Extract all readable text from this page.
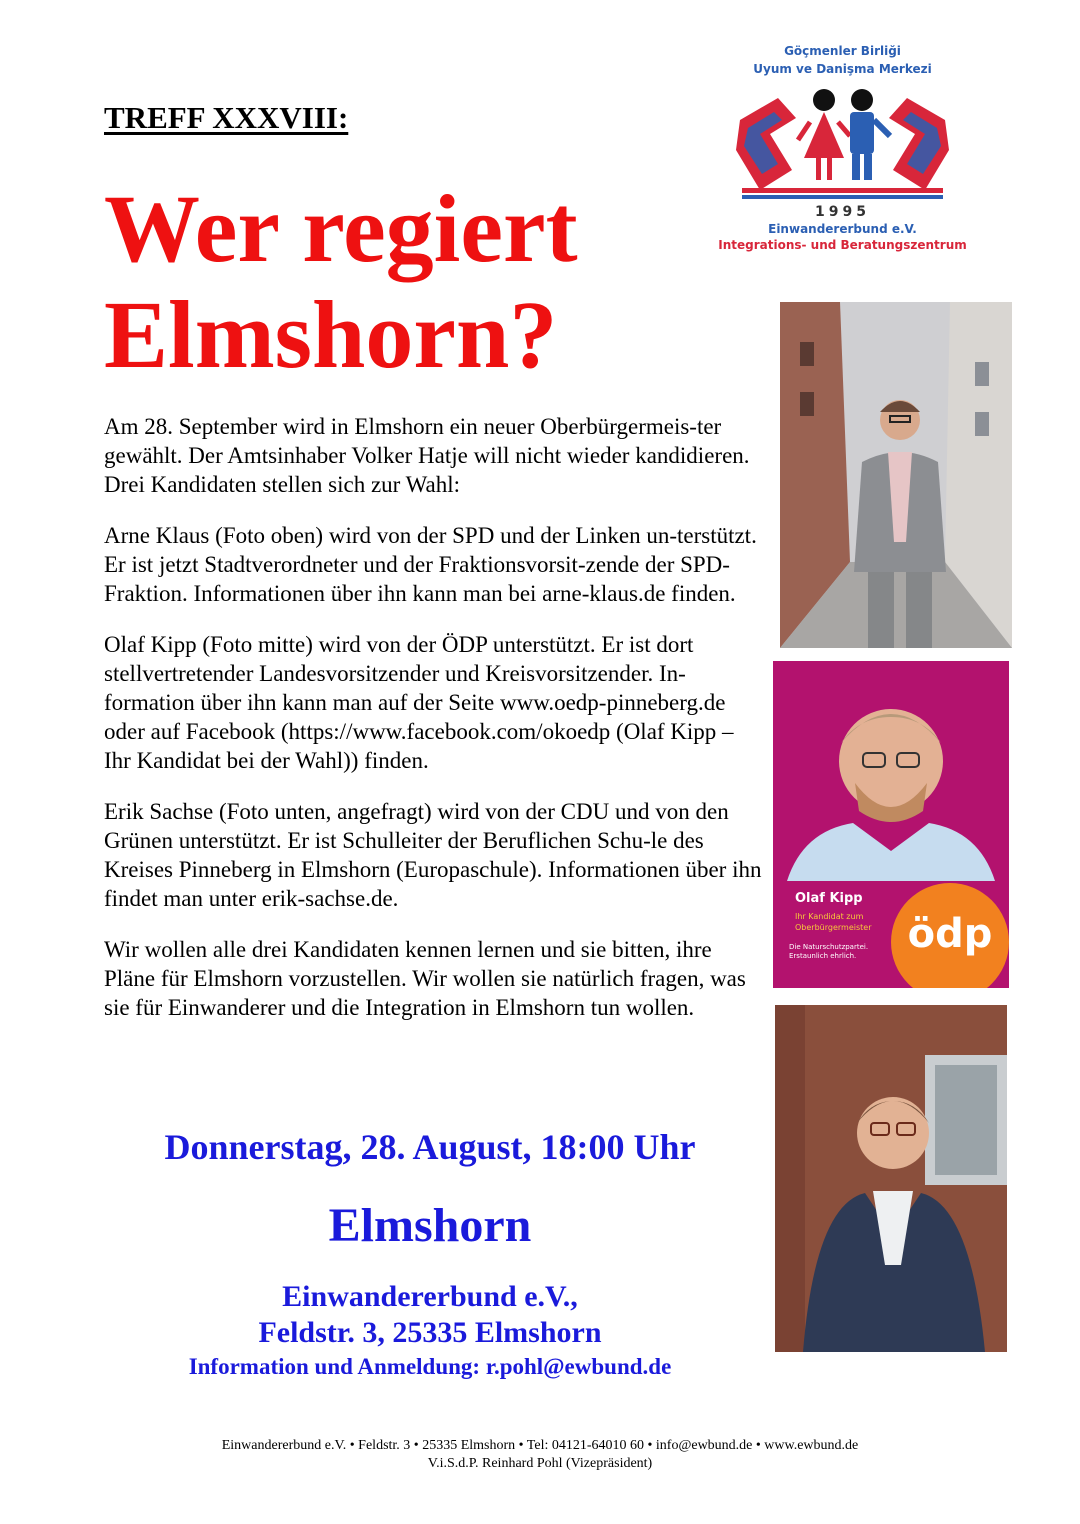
TREFF XXXVIII:

Wer regiert
Elmshorn?

Göçmenler Birliği

Uyum ve Danişma Merkezi

1995

Einwandererbund e.V.

Integrations- und Beratungszentrum

Am 28. September wird in Elmshorn ein neuer Oberbürgermeis-ter gewählt. Der Amtsinhaber Volker Hatje will nicht wieder kandidieren. Drei Kandidaten stellen sich zur Wahl:

Arne Klaus (Foto oben) wird von der SPD und der Linken un-terstützt. Er ist jetzt Stadtverordneter und der Fraktionsvorsit-zende der SPD-Fraktion. Informationen über ihn kann man bei arne-klaus.de finden.

Olaf Kipp (Foto mitte) wird von der ÖDP unterstützt. Er ist dort stellvertretender Landesvorsitzender und Kreisvorsitzender. In-formation über ihn kann man auf der Seite www.oedp-pinneberg.de oder auf Facebook (https://www.facebook.com/okoedp (Olaf Kipp – Ihr Kandidat bei der Wahl)) finden.

Erik Sachse (Foto unten, angefragt) wird von der CDU und von den Grünen unterstützt. Er ist Schulleiter der Beruflichen Schu-le des Kreises Pinneberg in Elmshorn (Europaschule). Informationen über ihn findet man unter erik-sachse.de.

Wir wollen alle drei Kandidaten kennen lernen und sie bitten, ihre Pläne für Elmshorn vorzustellen. Wir wollen sie natürlich fragen, was sie für Einwanderer und die Integration in Elmshorn tun wollen.

Donnerstag, 28. August, 18:00 Uhr

Elmshorn

Einwandererbund e.V.,

Feldstr. 3, 25335 Elmshorn

Information und Anmeldung: r.pohl@ewbund.de

Olaf Kipp
Ihr Kandidat zum
Oberbürgermeister
Die Naturschutzpartei.
Erstaunlich ehrlich.	ödp

Einwandererbund e.V. • Feldstr. 3 • 25335 Elmshorn • Tel: 04121-64010 60 • info@ewbund.de • www.ewbund.de

V.i.S.d.P. Reinhard Pohl (Vizepräsident)
